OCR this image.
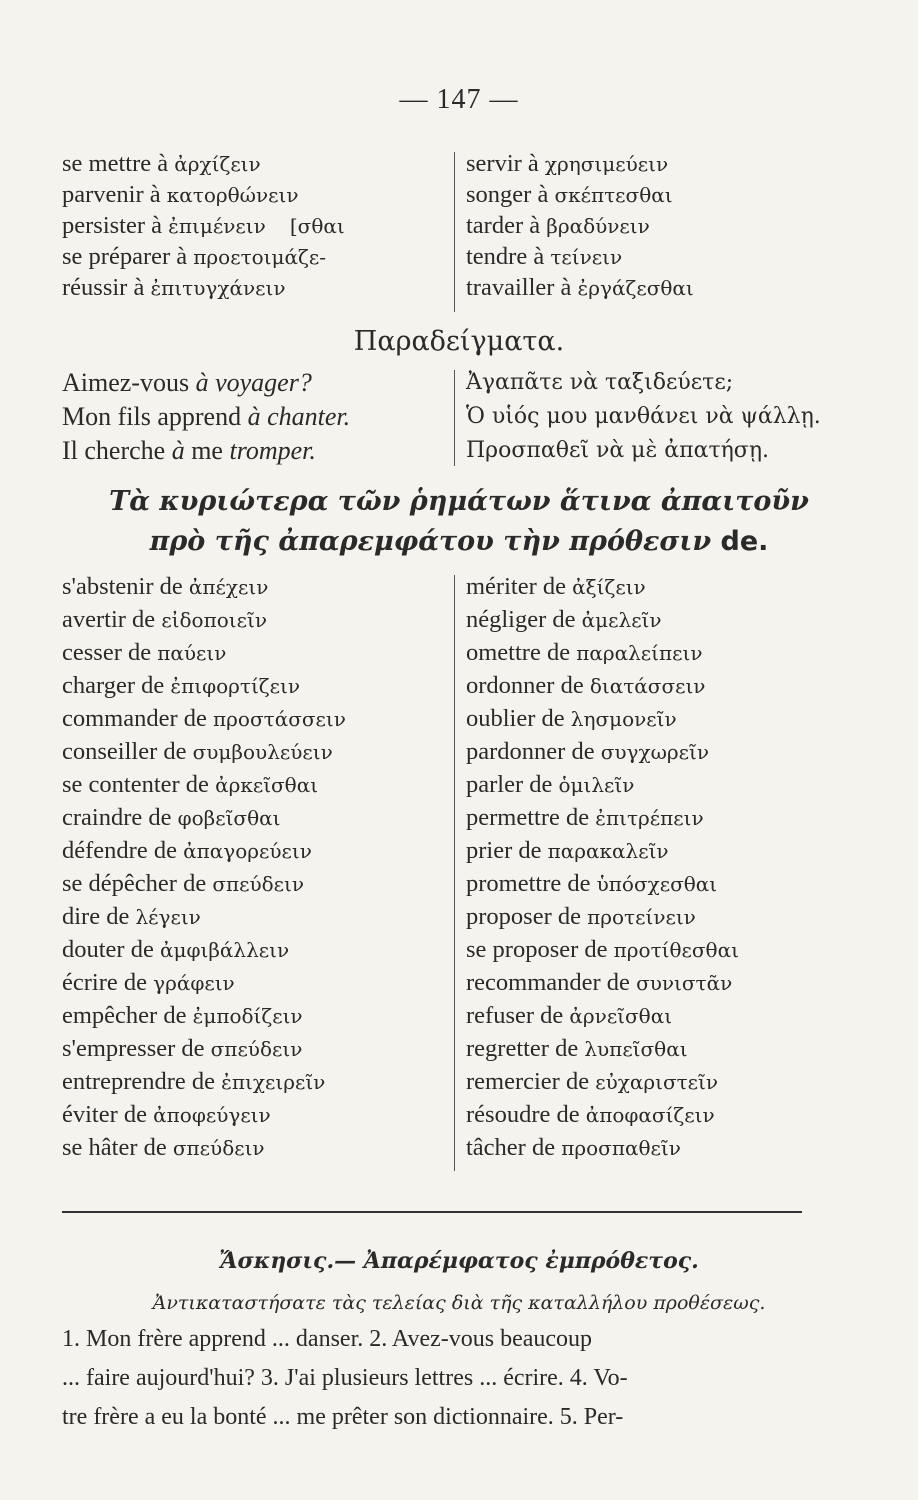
— 147 —
se mettre à ἀρχίζειν
parvenir à κατορθώνειν
persister à ἐπιμένειν [σθαι
se préparer à προετοιμάζε-
réussir à ἐπιτυγχάνειν
servir à χρησιμεύειν
songer à σκέπτεσθαι
tarder à βραδύνειν
tendre à τείνειν
travailler à ἐργάζεσθαι
Παραδείγματα.
Aimez-vous à voyager?
Mon fils apprend à chanter.
Il cherche à me tromper.
Ἀγαπᾶτε νὰ ταξιδεύετε;
Ὁ υἱός μου μανθάνει νὰ ψάλλῃ.
Προσπαθεῖ νὰ μὲ ἀπατήσῃ.
Τὰ κυριώτερα τῶν ῥημάτων ἅτινα ἀπαιτοῦν
πρὸ τῆς ἀπαρεμφάτου τὴν πρόθεσιν de.
s'abstenir de ἀπέχειν
avertir de εἰδοποιεῖν
cesser de παύειν
charger de ἐπιφορτίζειν
commander de προστάσσειν
conseiller de συμβουλεύειν
se contenter de ἀρκεῖσθαι
craindre de φοβεῖσθαι
défendre de ἀπαγορεύειν
se dépêcher de σπεύδειν
dire de λέγειν
douter de ἀμφιβάλλειν
écrire de γράφειν
empêcher de ἐμποδίζειν
s'empresser de σπεύδειν
entreprendre de ἐπιχειρεῖν
éviter de ἀποφεύγειν
se hâter de σπεύδειν
mériter de ἀξίζειν
négliger de ἀμελεῖν
omettre de παραλείπειν
ordonner de διατάσσειν
oublier de λησμονεῖν
pardonner de συγχωρεῖν
parler de ὁμιλεῖν
permettre de ἐπιτρέπειν
prier de παρακαλεῖν
promettre de ὑπόσχεσθαι
proposer de προτείνειν
se proposer de προτίθεσθαι
recommander de συνιστᾶν
refuser de ἀρνεῖσθαι
regretter de λυπεῖσθαι
remercier de εὐχαριστεῖν
résoudre de ἀποφασίζειν
tâcher de προσπαθεῖν
Ἄσκησις.— Ἀπαρέμφατος ἐμπρόθετος.
Ἀντικαταστήσατε τὰς τελείας διὰ τῆς καταλλήλου προθέσεως.
1. Mon frère apprend ... danser. 2. Avez-vous beaucoup
... faire aujourd'hui? 3. J'ai plusieurs lettres ... écrire. 4. Vo-
tre frère a eu la bonté ... me prêter son dictionnaire. 5. Per-
